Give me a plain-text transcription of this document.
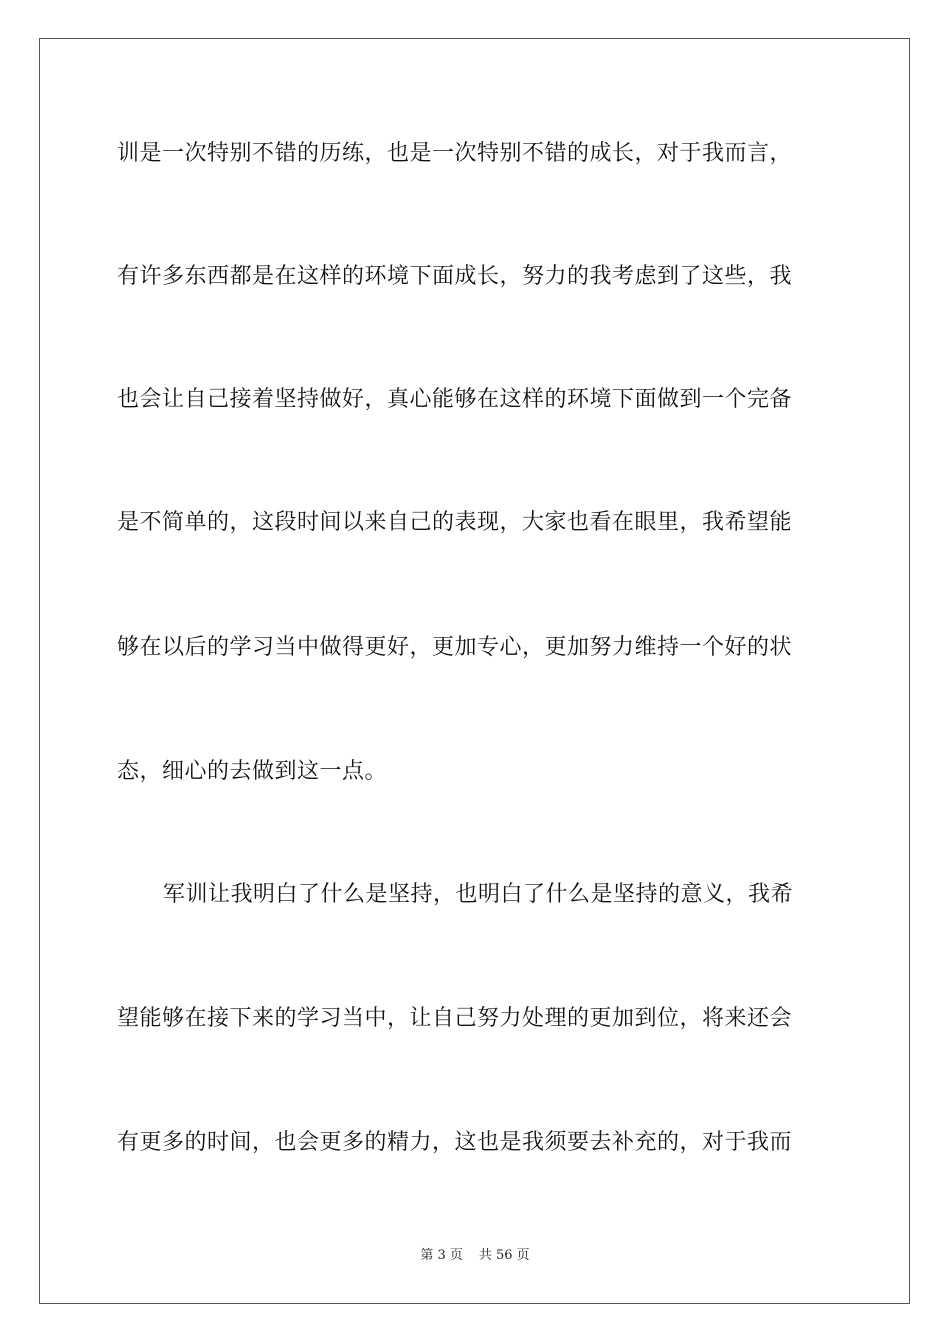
训是一次特别不错的历练，也是一次特别不错的成长，对于我而言，
有许多东西都是在这样的环境下面成长，努力的我考虑到了这些，我
也会让自己接着坚持做好，真心能够在这样的环境下面做到一个完备
是不简单的，这段时间以来自己的表现，大家也看在眼里，我希望能
够在以后的学习当中做得更好，更加专心，更加努力维持一个好的状
态，细心的去做到这一点。
军训让我明白了什么是坚持，也明白了什么是坚持的意义，我希
望能够在接下来的学习当中，让自己努力处理的更加到位，将来还会
有更多的时间，也会更多的精力，这也是我须要去补充的，对于我而
第 3 页 共 56 页
